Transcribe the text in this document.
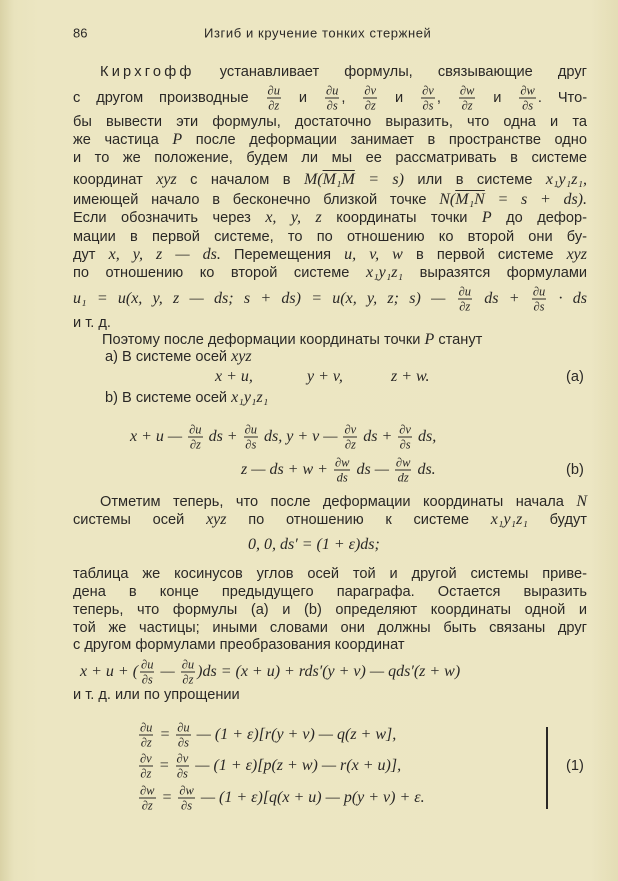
86	Изгиб и кручение тонких стержней
Кирхгофф устанавливает формулы, связывающие друг
с другом производные $\frac{\partial u}{\partial z}$ и $\frac{\partial u}{\partial s}$ , $\frac{\partial v}{\partial z}$ и $\frac{\partial v}{\partial s}$ , $\frac{\partial w}{\partial z}$ и $\frac{\partial w}{\partial s}$ . Что-
бы вывести эти формулы, достаточно выразить, что одна и та
же частица P после деформации занимает в пространстве одно
и то же положение, будем ли мы ее рассматривать в системе
координат xyz с началом в M(M₁M = s) или в системе x₁y₁z₁,
имеющей начало в бесконечно близкой точке N(M₁N = s + ds).
Если обозначить через x, y, z координаты точки P до дефор-
мации в первой системе, то по отношению ко второй они бу-
дут x, y, z — ds. Перемещения u, v, w в первой системе xyz
по отношению ко второй системе x₁y₁z₁ выразятся формулами
u₁ = u(x, y, z — ds; s + ds) = u(x, y, z; s) — $\frac{\partial u}{\partial z}$ ds + $\frac{\partial u}{\partial s}$ · ds
и т. д.
Поэтому после деформации координаты точки P станут
а) В системе осей xyz
x + u,	y + v,	z + w.	(a)
b) В системе осей x₁y₁z₁
x + u — $\frac{\partial u}{\partial z}$ ds + $\frac{\partial u}{\partial s}$ ds, y + v — $\frac{\partial v}{\partial z}$ ds + $\frac{\partial v}{\partial s}$ ds,
z — ds + $w + \frac{\partial w}{ds}$ ds — $\frac{\partial w}{dz}$ ds.	(b)
Отметим теперь, что после деформации координаты начала N
системы осей xyz по отношению к системе x₁y₁z₁ будут
0, 0, ds′ = (1 + ε)ds;
таблица же косинусов углов осей той и другой системы приве-
дена в конце предыдущего параграфа. Остается выразить
теперь, что формулы (a) и (b) определяют координаты одной и
той же частицы; иными словами они должны быть связаны друг
с другом формулами преобразования координат
x + u + ( $\frac{\partial u}{\partial s}$ — $\frac{\partial u}{\partial z} )ds = (x + u) + rds'(y + v)$ — qds′(z + w)
и т. д. или по упрощении
$\frac{\partial u}{\partial z} = \frac{\partial u}{\partial s}$ — (1 + ε)[r(y + v) — q(z + w],
$\frac{\partial v}{\partial z} = \frac{\partial v}{\partial s}$ — (1 + ε)[p(z + w) — r(x + u)],
$\frac{\partial w}{\partial z} = \frac{\partial w}{\partial s}$ — (1 + ε)[q(x + u) — p(y + v) + ε.
(1)
